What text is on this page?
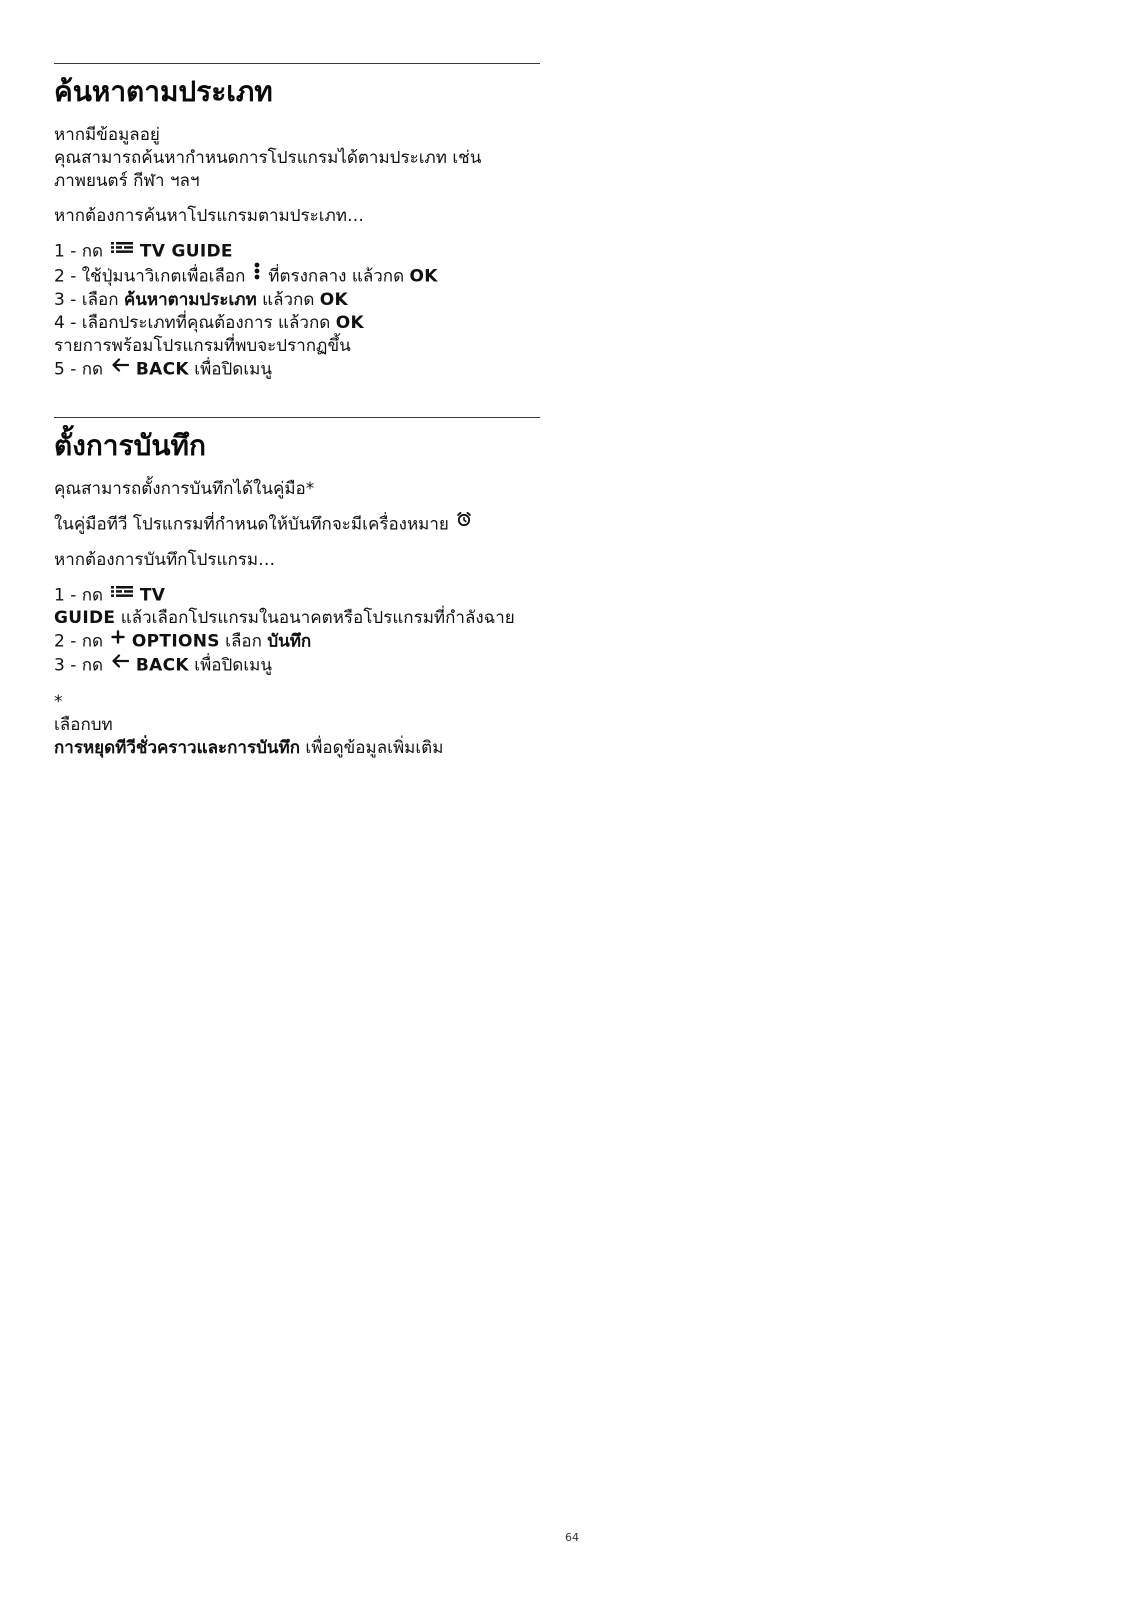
ค้นหาตามประเภท

หากมีข้อมูลอยู่

คุณสามารถค้นหากำหนดการโปรแกรมได้ตามประเภท เช่น

ภาพยนตร์ กีฬา ฯลฯ

หากต้องการค้นหาโปรแกรมตามประเภท…

1 - กด TV GUIDE

2 - ใช้ปุ่มนาวิเกตเพื่อเลือก ที่ตรงกลาง แล้วกด OK

3 - เลือก ค้นหาตามประเภท แล้วกด OK

4 - เลือกประเภทที่คุณต้องการ แล้วกด OK

รายการพร้อมโปรแกรมที่พบจะปรากฏขึ้น

5 - กด BACK เพื่อปิดเมนู

ตั้งการบันทึก

คุณสามารถตั้งการบันทึกได้ในคู่มือ*

ในคู่มือทีวี โปรแกรมที่กำหนดให้บันทึกจะมีเครื่องหมาย

หากต้องการบันทึกโปรแกรม…

1 - กด TV

GUIDE แล้วเลือกโปรแกรมในอนาคตหรือโปรแกรมที่กำลังฉาย

2 - กด OPTIONS เลือก บันทึก

3 - กด BACK เพื่อปิดเมนู

*

เลือกบท

การหยุดทีวีชั่วคราวและการบันทึก เพื่อดูข้อมูลเพิ่มเติม

64
